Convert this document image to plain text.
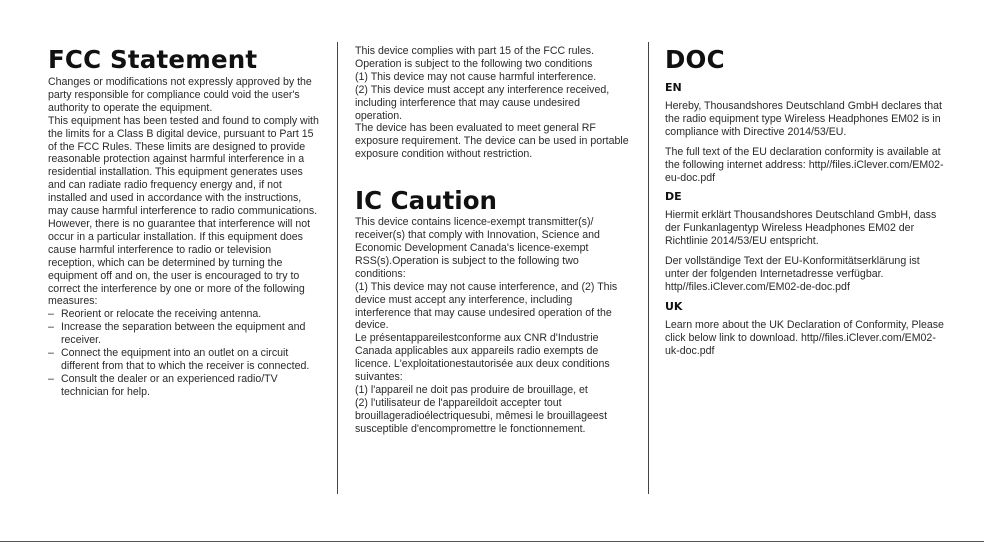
FCC Statement

Changes or modifications not expressly approved by the party responsible for compliance could void the user's authority to operate the equipment.

This equipment has been tested and found to comply with the limits for a Class B digital device, pursuant to Part 15 of the FCC Rules. These limits are designed to provide reasonable protection against harmful interference in a residential installation. This equipment generates uses and can radiate radio frequency energy and, if not installed and used in accordance with the instructions, may cause harmful interference to radio communications. However, there is no guarantee that interference will not occur in a particular installation. If this equipment does cause harmful interference to radio or television reception, which can be determined by turning the equipment off and on, the user is encouraged to try to correct the interference by one or more of the following measures:

– Reorient or relocate the receiving antenna.
– Increase the separation between the equipment and receiver.
– Connect the equipment into an outlet on a circuit different from that to which the receiver is connected.
– Consult the dealer or an experienced radio/TV technician for help.

This device complies with part 15 of the FCC rules. Operation is subject to the following two conditions

(1) This device may not cause harmful interference.

(2) This device must accept any interference received, including interference that may cause undesired operation.

The device has been evaluated to meet general RF exposure requirement. The device can be used in portable exposure condition without restriction.

IC Caution

This device contains licence-exempt transmitter(s)/ receiver(s) that comply with Innovation, Science and Economic Development Canada's licence-exempt RSS(s).Operation is subject to the following two conditions:

(1) This device may not cause interference, and (2) This device must accept any interference, including interference that may cause undesired operation of the device.

Le présentappareilestconforme aux CNR d'Industrie Canada applicables aux appareils radio exempts de licence. L'exploitationestautorisée aux deux conditions suivantes:

(1) l'appareil ne doit pas produire de brouillage, et

(2) l'utilisateur de l'appareildoit accepter tout brouillageradioélectriquesubi, mêmesi le brouillageest susceptible d'encompromettre le fonctionnement.

DOC
EN

Hereby, Thousandshores Deutschland GmbH declares that the radio equipment type Wireless Headphones EM02 is in compliance with Directive 2014/53/EU.

The full text of the EU declaration conformity is available at the following internet address: http//files.iClever.com/EM02-eu-doc.pdf

DE

Hiermit erklärt Thousandshores Deutschland GmbH, dass der Funkanlagentyp Wireless Headphones EM02 der Richtlinie 2014/53/EU entspricht.

Der vollständige Text der EU-Konformitätserklärung ist unter der folgenden Internetadresse verfügbar. http//files.iClever.com/EM02-de-doc.pdf

UK

Learn more about the UK Declaration of Conformity, Please click below link to download. http//files.iClever.com/EM02-uk-doc.pdf
